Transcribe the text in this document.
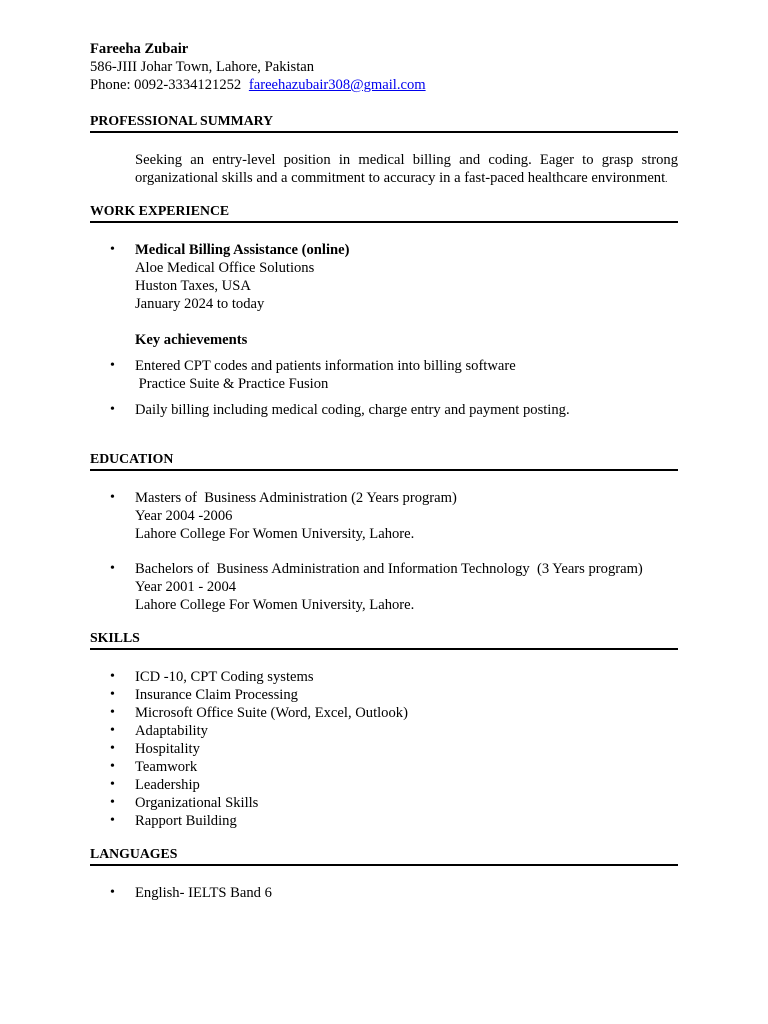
Fareeha Zubair
586-JIII Johar Town, Lahore, Pakistan
Phone: 0092-3334121252 fareehazubair308@gmail.com
PROFESSIONAL SUMMARY
Seeking an entry-level position in medical billing and coding. Eager to grasp strong organizational skills and a commitment to accuracy in a fast-paced healthcare environment.
WORK EXPERIENCE
• Medical Billing Assistance (online)
Aloe Medical Office Solutions
Huston Taxes, USA
January 2024 to today
Key achievements
• Entered CPT codes and patients information into billing software
Practice Suite & Practice Fusion
• Daily billing including medical coding, charge entry and payment posting.
EDUCATION
• Masters of  Business Administration (2 Years program)
Year 2004 -2006
Lahore College For Women University, Lahore.
• Bachelors of  Business Administration and Information Technology  (3 Years program)
Year 2001 - 2004
Lahore College For Women University, Lahore.
SKILLS
• ICD -10, CPT Coding systems
• Insurance Claim Processing
• Microsoft Office Suite (Word, Excel, Outlook)
• Adaptability
• Hospitality
• Teamwork
• Leadership
• Organizational Skills
• Rapport Building
LANGUAGES
• English- IELTS Band 6
